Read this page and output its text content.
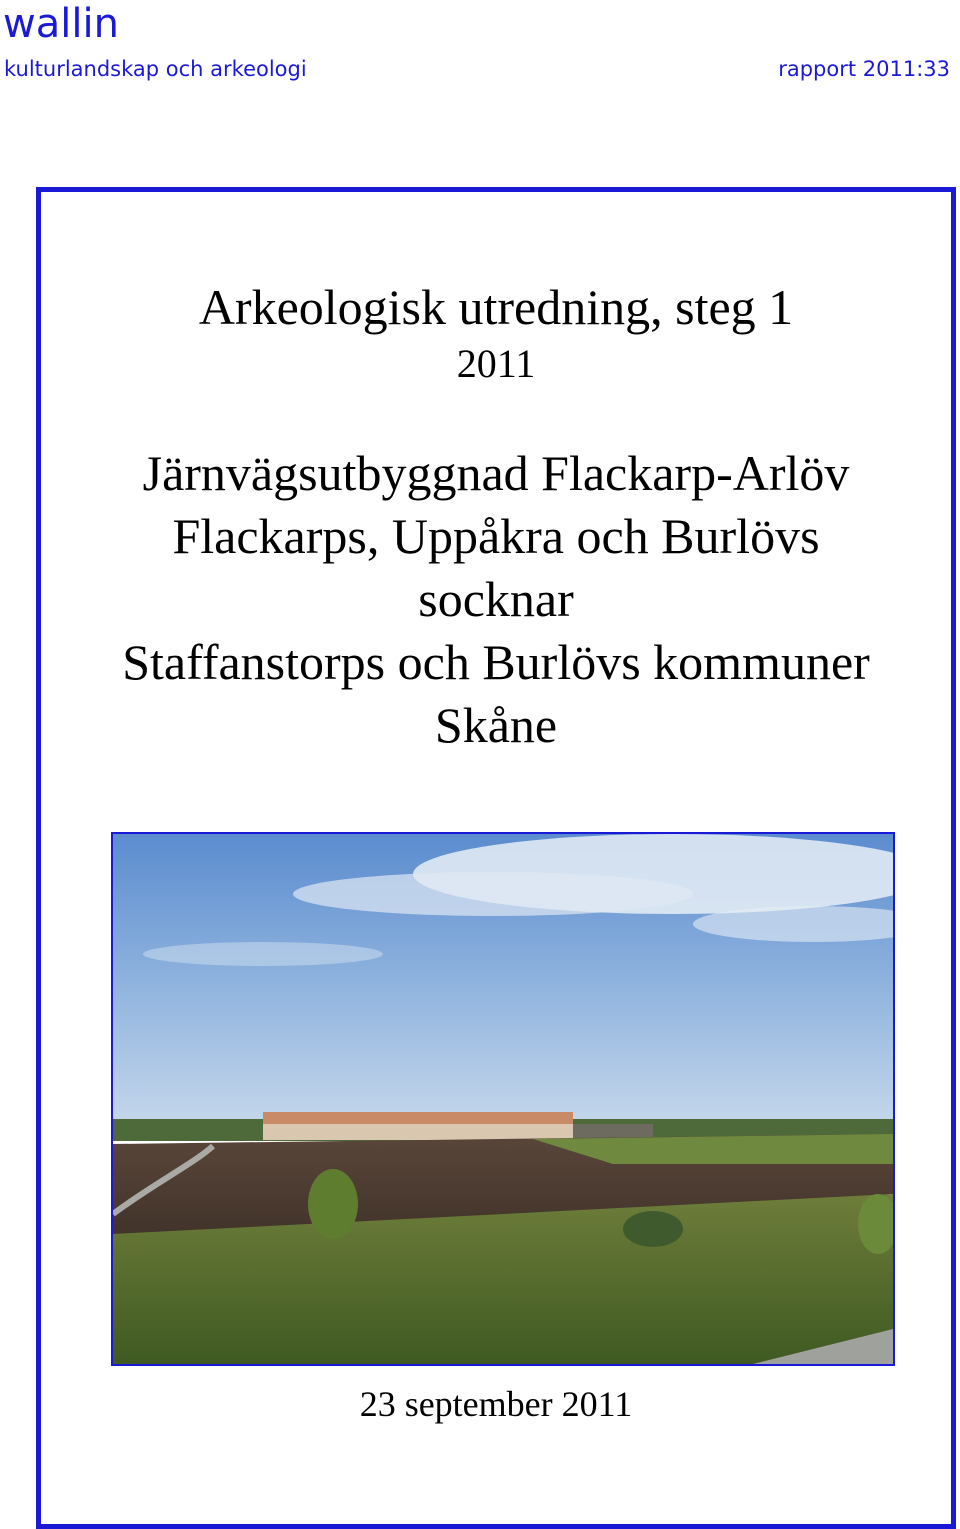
wallin
kulturlandskap och arkeologi	rapport 2011:33
Arkeologisk utredning, steg 1
2011
Järnvägsutbyggnad Flackarp-Arlöv
Flackarps, Uppåkra och Burlövs
socknar
Staffanstorps och Burlövs kommuner
Skåne
23 september 2011
